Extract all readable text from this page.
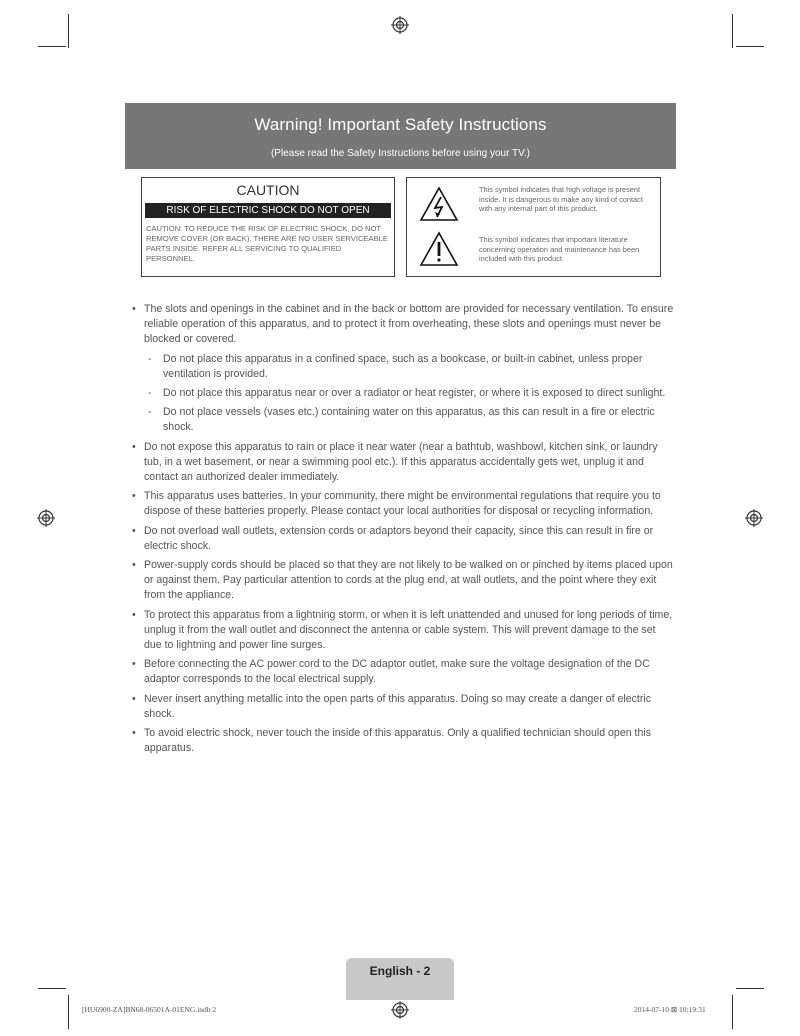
Warning! Important Safety Instructions
(Please read the Safety Instructions before using your TV.)
CAUTION
RISK OF ELECTRIC SHOCK DO NOT OPEN
CAUTION: TO REDUCE THE RISK OF ELECTRIC SHOCK, DO NOT REMOVE COVER (OR BACK). THERE ARE NO USER SERVICEABLE PARTS INSIDE. REFER ALL SERVICING TO QUALIFIED PERSONNEL.
This symbol indicates that high voltage is present inside. It is dangerous to make any kind of contact with any internal part of this product.
This symbol indicates that important literature concerning operation and maintenance has been included with this product.
• The slots and openings in the cabinet and in the back or bottom are provided for necessary ventilation. To ensure reliable operation of this apparatus, and to protect it from overheating, these slots and openings must never be blocked or covered.
- Do not place this apparatus in a confined space, such as a bookcase, or built-in cabinet, unless proper ventilation is provided.
- Do not place this apparatus near or over a radiator or heat register, or where it is exposed to direct sunlight.
- Do not place vessels (vases etc.) containing water on this apparatus, as this can result in a fire or electric shock.
• Do not expose this apparatus to rain or place it near water (near a bathtub, washbowl, kitchen sink, or laundry tub, in a wet basement, or near a swimming pool etc.). If this apparatus accidentally gets wet, unplug it and contact an authorized dealer immediately.
• This apparatus uses batteries. In your community, there might be environmental regulations that require you to dispose of these batteries properly. Please contact your local authorities for disposal or recycling information.
• Do not overload wall outlets, extension cords or adaptors beyond their capacity, since this can result in fire or electric shock.
• Power-supply cords should be placed so that they are not likely to be walked on or pinched by items placed upon or against them. Pay particular attention to cords at the plug end, at wall outlets, and the point where they exit from the appliance.
• To protect this apparatus from a lightning storm, or when it is left unattended and unused for long periods of time, unplug it from the wall outlet and disconnect the antenna or cable system. This will prevent damage to the set due to lightning and power line surges.
• Before connecting the AC power cord to the DC adaptor outlet, make sure the voltage designation of the DC adaptor corresponds to the local electrical supply.
• Never insert anything metallic into the open parts of this apparatus. Doing so may create a danger of electric shock.
• To avoid electric shock, never touch the inside of this apparatus. Only a qualified technician should open this apparatus.
English - 2
[HU6900-ZA]BN68-06501A-01ENG.indb 2	2014-07-10 ⊠ 10:19:31
